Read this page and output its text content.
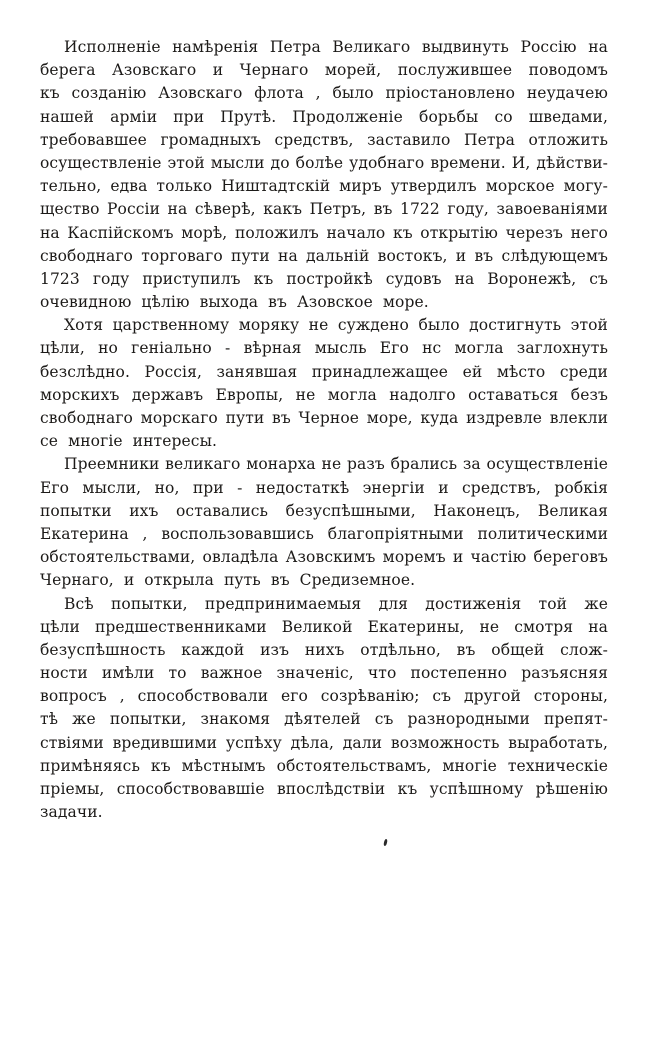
Исполненіе намѣренія Петра Великаго выдвинуть Россію на
берега Азовскаго и Чернаго морей, послужившее поводомъ
къ созданію Азовскаго флота , было пріостановлено неудачею
нашей арміи при Прутѣ. Продолженіе борьбы со шведами,
требовавшее громадныхъ средствъ, заставило Петра отложить
осуществленіе этой мысли до болѣе удобнаго времени. И, дѣйстви-
тельно, едва только Ништадтскій миръ утвердилъ морское могу-
щество Россіи на сѣверѣ, какъ Петръ, въ 1722 году, завоеваніями
на Каспійскомъ морѣ, положилъ начало къ открытію черезъ него
свободнаго торговаго пути на дальній востокъ, и въ слѣдующемъ
1723 году приступилъ къ постройкѣ судовъ на Воронежѣ, съ
очевидною цѣлію выхода въ Азовское море.
Хотя царственному моряку не суждено было достигнуть этой
цѣли, но геніально - вѣрная мысль Его нс могла заглохнуть
безслѣдно. Россія, занявшая принадлежащее ей мѣсто среди
морскихъ державъ Европы, не могла надолго оставаться безъ
свободнаго морскаго пути въ Черное море, куда издревле влекли
се многіе интересы.
Преемники великаго монарха не разъ брались за осуществленіе
Его мысли, но, при - недостаткѣ энергіи и средствъ, робкія
попытки ихъ оставались безуспѣшными, Наконецъ, Великая
Екатерина , воспользовавшись благопріятными политическими
обстоятельствами, овладѣла Азовскимъ моремъ и частію береговъ
Чернаго, и открыла путь въ Средиземное.
Всѣ попытки, предпринимаемыя для достиженія той же
цѣли предшественниками Великой Екатерины, не смотря на
безуспѣшность каждой изъ нихъ отдѣльно, въ общей слож-
ности имѣли то важное значеніс, что постепенно разъясняя
вопросъ , способствовали его созрѣванію; съ другой стороны,
тѣ же попытки, знакомя дѣятелей съ разнородными препят-
ствіями вредившими успѣху дѣла, дали возможность выработать,
примѣняясь къ мѣстнымъ обстоятельствамъ, многіе техническіе
пріемы, способствовавшіе впослѣдствіи къ успѣшному рѣшенію
задачи.
